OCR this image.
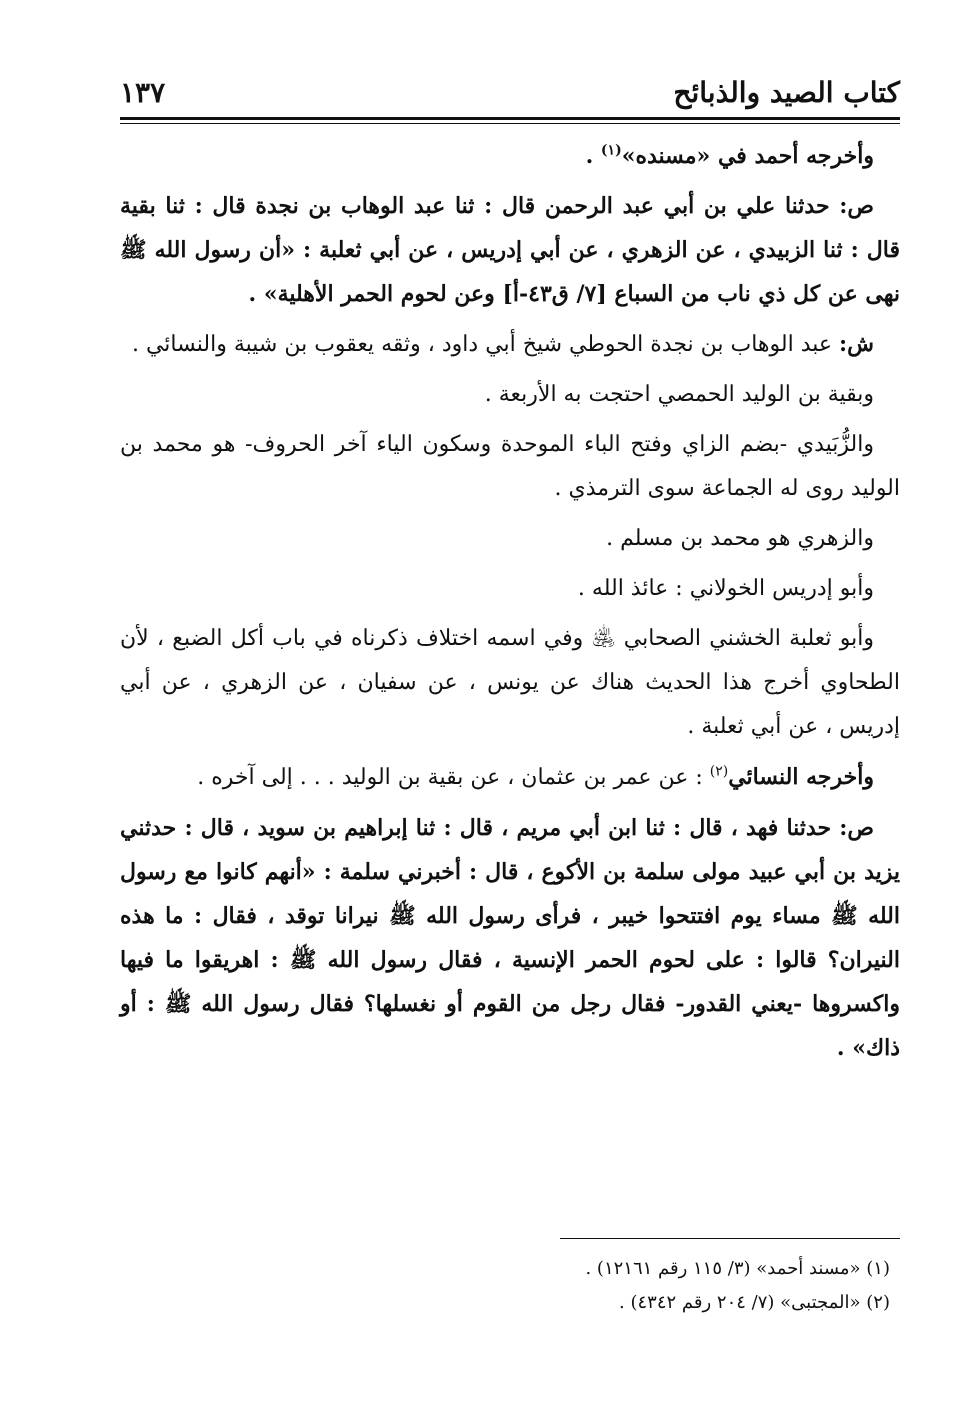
كتاب الصيد والذبائح
١٣٧

وأخرجه أحمد في «مسنده»$^{(١)}$ .

ص: حدثنا علي بن أبي عبد الرحمن قال : ثنا عبد الوهاب بن نجدة قال : ثنا بقية قال : ثنا الزبيدي ، عن الزهري ، عن أبي إدريس ، عن أبي ثعلبة : «أن رسول الله ﷺ نهى عن كل ذي ناب من السباع [٧/ ق٤٣-أ] وعن لحوم الحمر الأهلية» .

ش: عبد الوهاب بن نجدة الحوطي شيخ أبي داود ، وثقه يعقوب بن شيبة والنسائي .

وبقية بن الوليد الحمصي احتجت به الأربعة .

والزُّبَيدي -بضم الزاي وفتح الباء الموحدة وسكون الياء آخر الحروف- هو محمد بن الوليد روى له الجماعة سوى الترمذي .

والزهري هو محمد بن مسلم .

وأبو إدريس الخولاني : عائذ الله .

وأبو ثعلبة الخشني الصحابي ﵁ وفي اسمه اختلاف ذكرناه في باب أكل الضبع ، لأن الطحاوي أخرج هذا الحديث هناك عن يونس ، عن سفيان ، عن الزهري ، عن أبي إدريس ، عن أبي ثعلبة .

وأخرجه النسائي$^{(٢)}$ : عن عمر بن عثمان ، عن بقية بن الوليد . . . إلى آخره .

ص: حدثنا فهد ، قال : ثنا ابن أبي مريم ، قال : ثنا إبراهيم بن سويد ، قال : حدثني يزيد بن أبي عبيد مولى سلمة بن الأكوع ، قال : أخبرني سلمة : «أنهم كانوا مع رسول الله ﷺ مساء يوم افتتحوا خيبر ، فرأى رسول الله ﷺ نيرانا توقد ، فقال : ما هذه النيران؟ قالوا : على لحوم الحمر الإنسية ، فقال رسول الله ﷺ : اهريقوا ما فيها واكسروها -يعني القدور- فقال رجل من القوم أو نغسلها؟ فقال رسول الله ﷺ : أو ذاك» .

(١) «مسند أحمد» (٣/ ١١٥ رقم ١٢١٦١) .

(٢) «المجتبى» (٧/ ٢٠٤ رقم ٤٣٤٢) .
